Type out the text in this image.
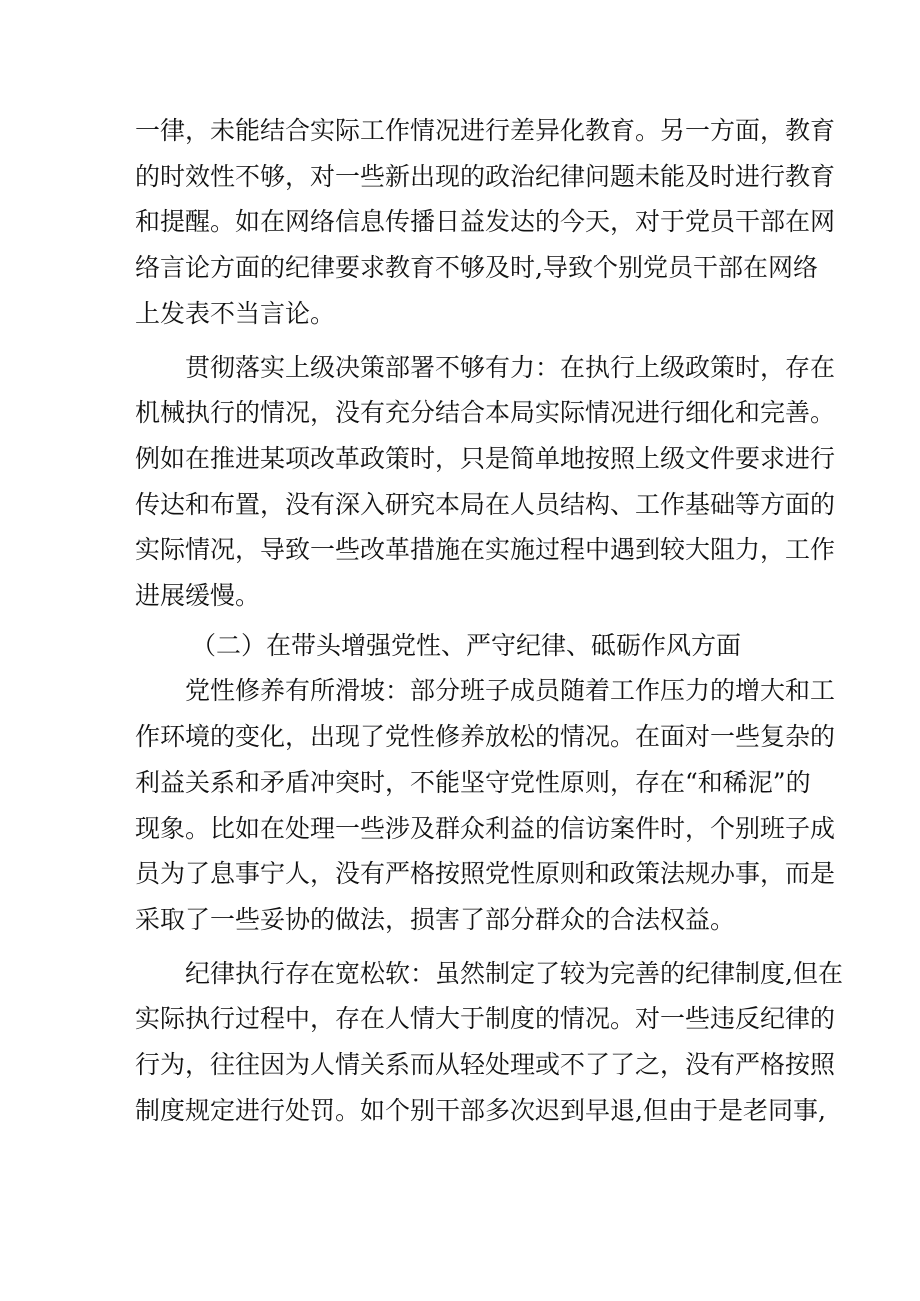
一律，未能结合实际工作情况进行差异化教育。另一方面，教育
的时效性不够，对一些新出现的政治纪律问题未能及时进行教育
和提醒。如在网络信息传播日益发达的今天，对于党员干部在网
络言论方面的纪律要求教育不够及时,导致个别党员干部在网络
上发表不当言论。
贯彻落实上级决策部署不够有力：在执行上级政策时，存在
机械执行的情况，没有充分结合本局实际情况进行细化和完善。
例如在推进某项改革政策时，只是简单地按照上级文件要求进行
传达和布置，没有深入研究本局在人员结构、工作基础等方面的
实际情况，导致一些改革措施在实施过程中遇到较大阻力，工作
进展缓慢。
（二）在带头增强党性、严守纪律、砥砺作风方面
党性修养有所滑坡：部分班子成员随着工作压力的增大和工
作环境的变化，出现了党性修养放松的情况。在面对一些复杂的
利益关系和矛盾冲突时，不能坚守党性原则，存在“和稀泥”的
现象。比如在处理一些涉及群众利益的信访案件时，个别班子成
员为了息事宁人，没有严格按照党性原则和政策法规办事，而是
采取了一些妥协的做法，损害了部分群众的合法权益。
纪律执行存在宽松软：虽然制定了较为完善的纪律制度,但在
实际执行过程中，存在人情大于制度的情况。对一些违反纪律的
行为，往往因为人情关系而从轻处理或不了了之，没有严格按照
制度规定进行处罚。如个别干部多次迟到早退,但由于是老同事,
